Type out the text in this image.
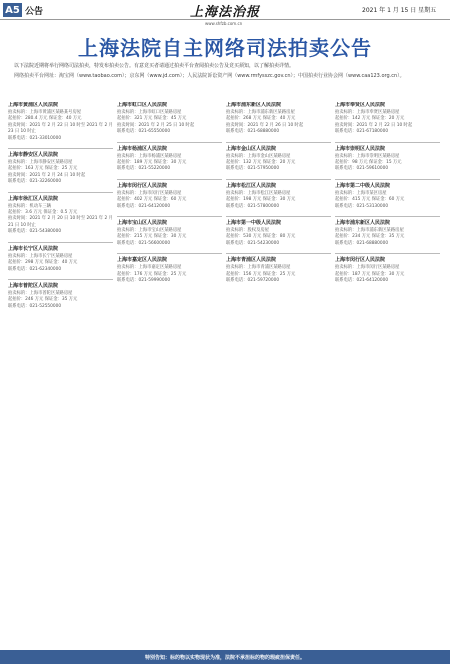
A5 公告	上海法治报	2021 年 1 月 15 日 星期五
www.shfzb.com.cn
上海法院自主网络司法拍卖公告

以下法院近期将举行网络司法拍卖，特发布拍卖公告。有意竞买者请通过拍卖平台查阅拍卖公告及竞买须知，以了解拍卖详情。

网络拍卖平台网址：淘宝网（www.taobao.com）；京东网（www.jd.com）；人民法院诉讼资产网（www.rmfysszc.gov.cn）；中国拍卖行业协会网（www.caa123.org.cn）。

上海市黄浦区人民法院
拍卖标的：上海市黄浦区某路某号房屋
起拍价：280.4 万元 保证金：40 万元
拍卖时间：2021 年 2 月 22 日 10 时至 2021 年 2 月 23 日 10 时止
联系电话：021-33010000
上海市静安区人民法院
拍卖标的：上海市静安区某路房屋
起拍价：163 万元 保证金：25 万元
拍卖时间：2021 年 2 月 24 日 10 时起
联系电话：021-32260000
上海市徐汇区人民法院
拍卖标的：机动车三辆
起拍价：3.6 万元 保证金：0.5 万元
拍卖时间：2021 年 2 月 20 日 10 时至 2021 年 2 月 21 日 10 时止
联系电话：021-54380000
上海市长宁区人民法院
拍卖标的：上海市长宁区某路房屋
起拍价：298 万元 保证金：40 万元
联系电话：021-62340000
上海市普陀区人民法院
拍卖标的：上海市普陀区某路房屋
起拍价：246 万元 保证金：35 万元
联系电话：021-52550000
上海市虹口区人民法院
拍卖标的：上海市虹口区某路房屋
起拍价：321 万元 保证金：45 万元
拍卖时间：2021 年 2 月 25 日 10 时起
联系电话：021-65550000
上海市杨浦区人民法院
拍卖标的：上海市杨浦区某路房屋
起拍价：189 万元 保证金：30 万元
联系电话：021-55220000
上海市闵行区人民法院
拍卖标的：上海市闵行区某路房屋
起拍价：402 万元 保证金：60 万元
联系电话：021-64120000
上海市宝山区人民法院
拍卖标的：上海市宝山区某路房屋
起拍价：215 万元 保证金：30 万元
联系电话：021-56600000
上海市嘉定区人民法院
拍卖标的：上海市嘉定区某路房屋
起拍价：176 万元 保证金：25 万元
联系电话：021-59990000
上海市浦东新区人民法院
拍卖标的：上海市浦东新区某路房屋
起拍价：268 万元 保证金：40 万元
拍卖时间：2021 年 2 月 26 日 10 时起
联系电话：021-68880000
上海市金山区人民法院
拍卖标的：上海市金山区某路房屋
起拍价：132 万元 保证金：20 万元
联系电话：021-57950000
上海市松江区人民法院
拍卖标的：上海市松江区某路房屋
起拍价：198 万元 保证金：30 万元
联系电话：021-57800000
上海市第一中级人民法院
拍卖标的：股权及房屋
起拍价：530 万元 保证金：80 万元
联系电话：021-54230000
上海市青浦区人民法院
拍卖标的：上海市青浦区某路房屋
起拍价：156 万元 保证金：25 万元
联系电话：021-59720000
上海市奉贤区人民法院
拍卖标的：上海市奉贤区某路房屋
起拍价：142 万元 保证金：20 万元
拍卖时间：2021 年 2 月 22 日 10 时起
联系电话：021-67180000
上海市崇明区人民法院
拍卖标的：上海市崇明区某路房屋
起拍价：98 万元 保证金：15 万元
联系电话：021-59610000
上海市第二中级人民法院
拍卖标的：上海市某区房屋
起拍价：415 万元 保证金：60 万元
联系电话：021-53130000
上海市浦东新区人民法院
拍卖标的：上海市浦东新区某路房屋
起拍价：234 万元 保证金：35 万元
联系电话：021-68880000
上海市闵行区人民法院
拍卖标的：上海市闵行区某路房屋
起拍价：187 万元 保证金：30 万元
联系电话：021-64120000
特别告知：标的物以实物现状为准，法院不承担标的物的瑕疵担保责任。
